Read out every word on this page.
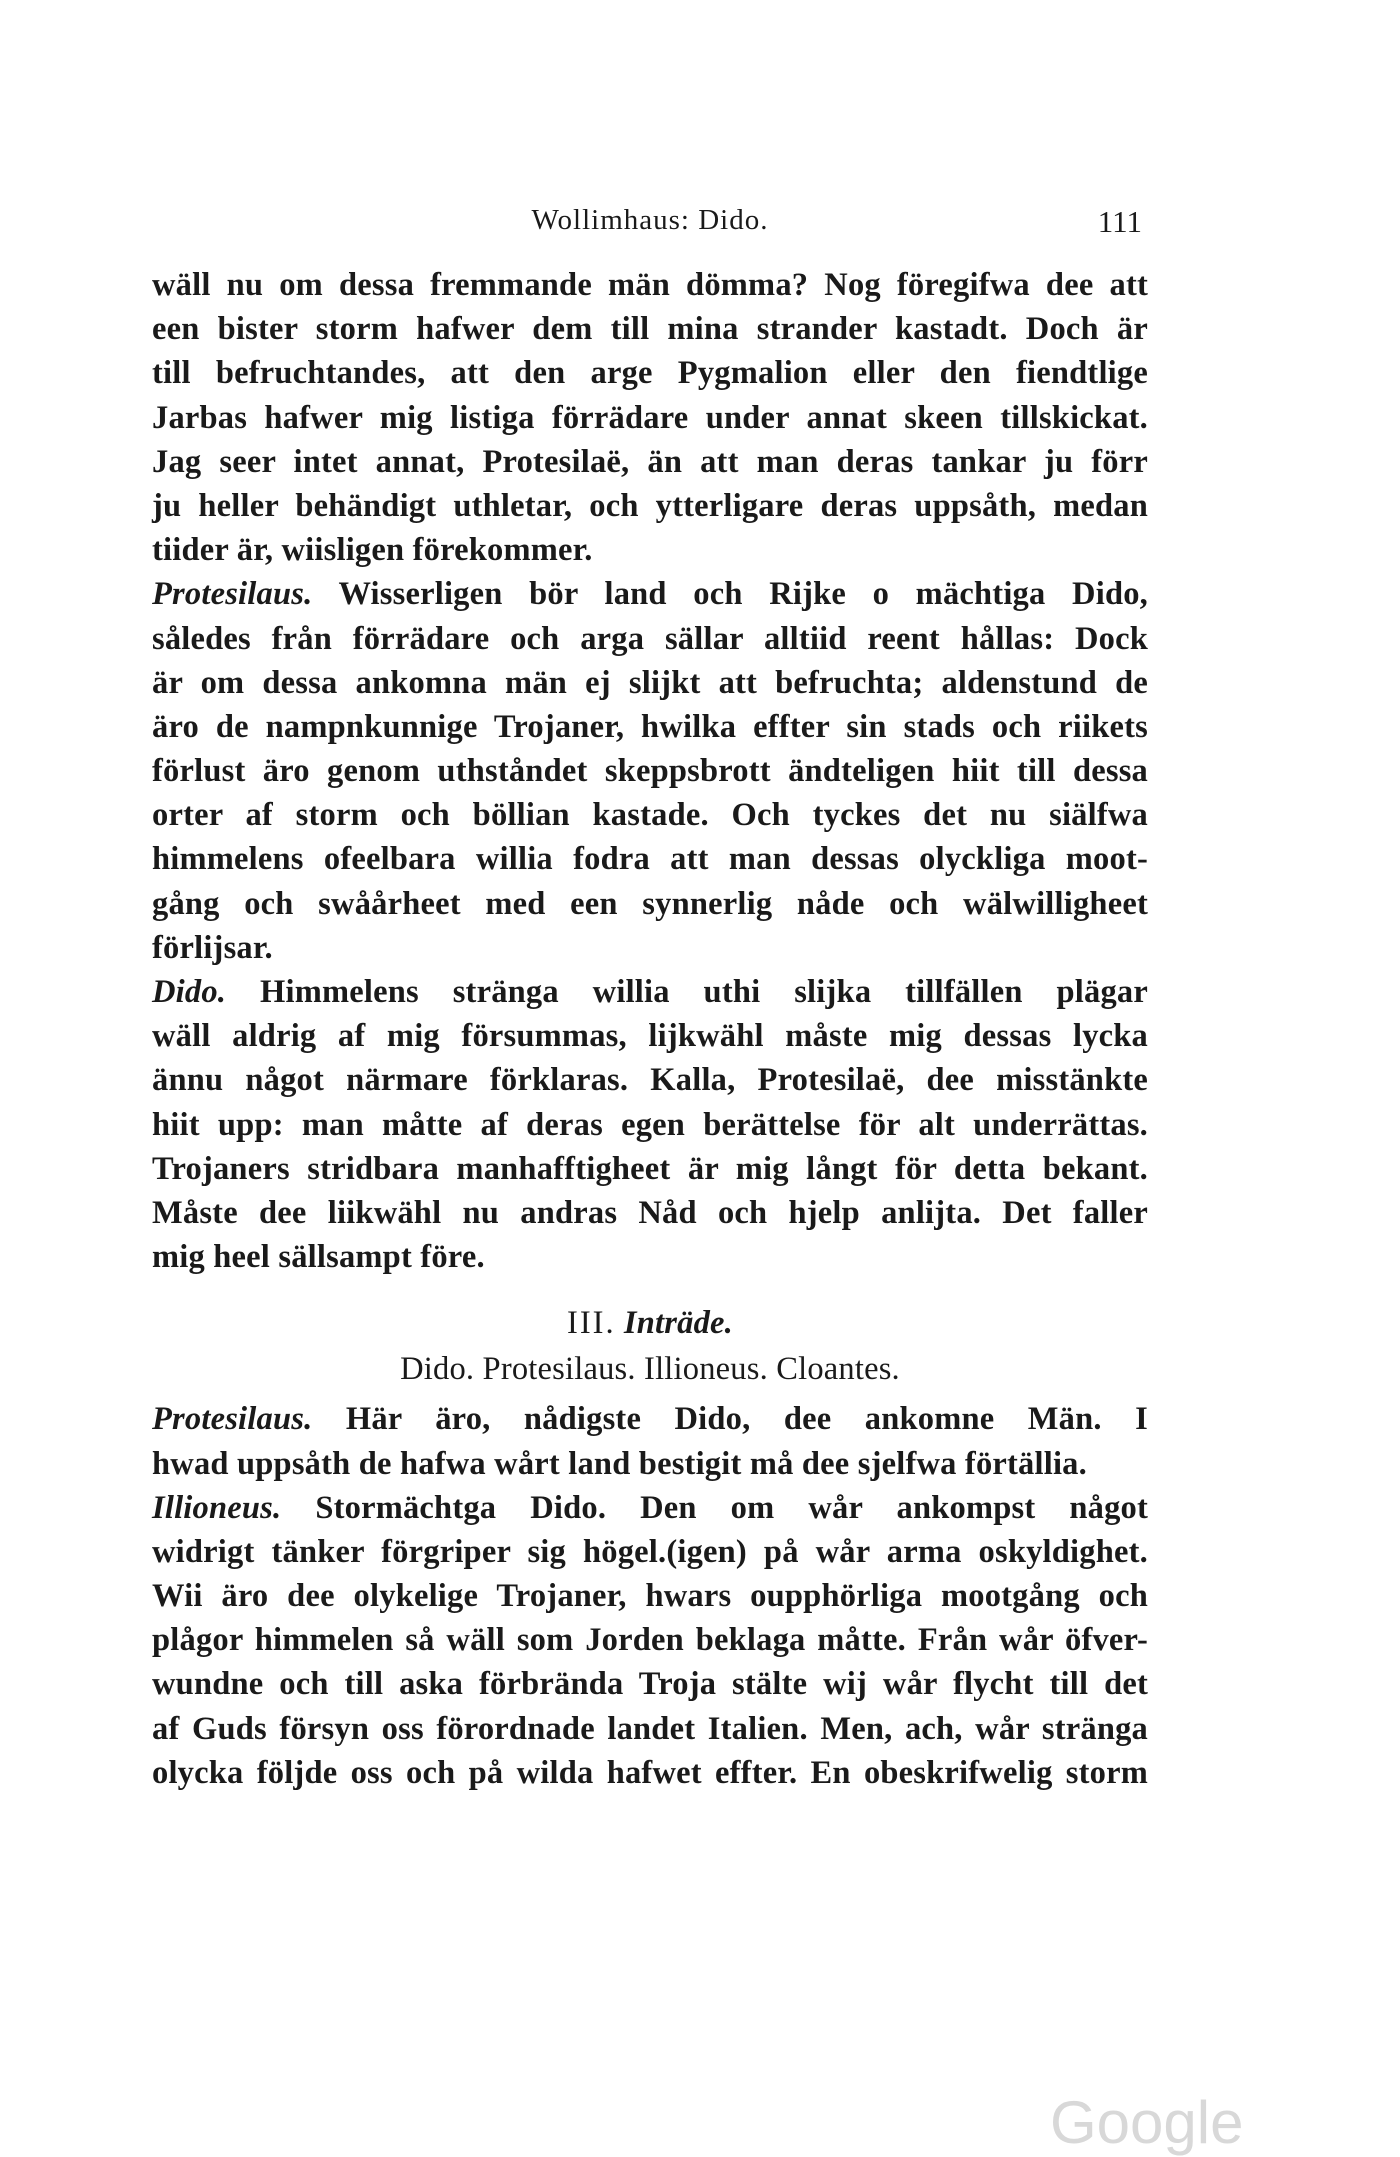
Wollimhaus: Dido.	111
wäll nu om dessa fremmande män dömma? Nog föregifwa dee att
een bister storm hafwer dem till mina strander kastadt. Doch är
till befruchtandes, att den arge Pygmalion eller den fiendtlige
Jarbas hafwer mig listiga förrädare under annat skeen tillskickat.
Jag seer intet annat, Protesilaë, än att man deras tankar ju förr
ju heller behändigt uthletar, och ytterligare deras uppsåth, medan
tiider är, wiisligen förekommer.
Protesilaus. Wisserligen bör land och Rijke o mächtiga Dido,
således från förrädare och arga sällar alltiid reent hållas: Dock
är om dessa ankomna män ej slijkt att befruchta; aldenstund de
äro de nampnkunnige Trojaner, hwilka effter sin stads och riikets
förlust äro genom uthståndet skeppsbrott ändteligen hiit till dessa
orter af storm och böllian kastade. Och tyckes det nu siälfwa
himmelens ofeelbara willia fodra att man dessas olyckliga moot-
gång och swåårheet med een synnerlig nåde och wälwilligheet
förlijsar.
Dido. Himmelens stränga willia uthi slijka tillfällen plägar
wäll aldrig af mig försummas, lijkwähl måste mig dessas lycka
ännu något närmare förklaras. Kalla, Protesilaë, dee misstänkte
hiit upp: man måtte af deras egen berättelse för alt underrättas.
Trojaners stridbara manhafftigheet är mig långt för detta bekant.
Måste dee liikwähl nu andras Nåd och hjelp anlijta. Det faller
mig heel sällsampt före.
III. Inträde.
Dido. Protesilaus. Illioneus. Cloantes.
Protesilaus. Här äro, nådigste Dido, dee ankomne Män. I
hwad uppsåth de hafwa wårt land bestigit må dee sjelfwa förtällia.
Illioneus. Stormächtga Dido. Den om wår ankompst något
widrigt tänker förgriper sig högel.(igen) på wår arma oskyldighet.
Wii äro dee olykelige Trojaner, hwars oupphörliga mootgång och
plågor himmelen så wäll som Jorden beklaga måtte. Från wår öfver-
wundne och till aska förbrända Troja stälte wij wår flycht till det
af Guds försyn oss förordnade landet Italien. Men, ach, wår stränga
olycka följde oss och på wilda hafwet effter. En obeskrifwelig storm
Google
